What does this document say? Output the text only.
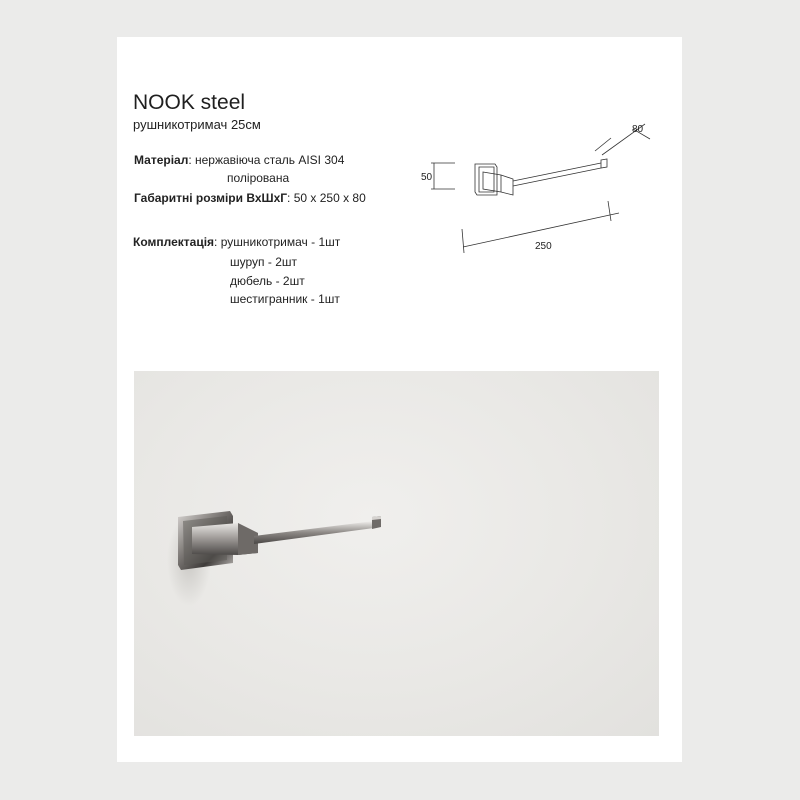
NOOK steel
рушникотримач 25см
Матеріал: нержавіюча сталь AISI 304
полірована
Габаритні розміри ВхШхГ: 50 x 250 x 80
Комплектація: рушникотримач - 1шт
шуруп - 2шт
дюбель - 2шт
шестигранник - 1шт
80
50
250
